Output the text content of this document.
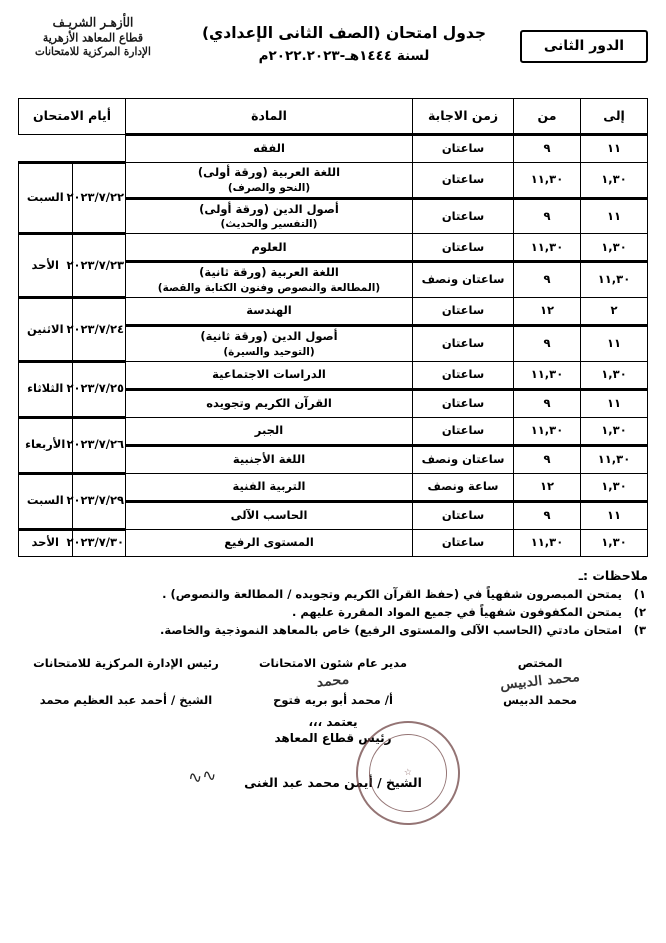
الأزهـر الشريـف
قطاع المعاهد الأزهرية
الإدارة المركزية للامتحانات
جدول امتحان (الصف الثانى الإعدادي)
لسنة ١٤٤٤هـ-٢٠٢٢.٢٠٢٣م
الدور الثانى
إلى	من	زمن الاجابة	المادة	أيام الامتحان	
١١	٩	ساعتان	الفقه		

١,٣٠	١١,٣٠	ساعتان	اللغة العربية (ورقة أولى)
(النحو والصرف)	٢٠٢٣/٧/٢٢	السبت
١١	٩	ساعتان	أصول الدين (ورقة أولى)
(التفسير والحديث)		

١,٣٠	١١,٣٠	ساعتان	العلوم	٢٠٢٣/٧/٢٣	الأحد
١١,٣٠	٩	ساعتان ونصف	اللغة العربية (ورقة ثانية)
(المطالعة والنصوص وفنون الكتابة والقصة)		

٢	١٢	ساعتان	الهندسة	٢٠٢٣/٧/٢٤	الاثنين
١١	٩	ساعتان	أصول الدين (ورقة ثانية)
(التوحيد والسيرة)		

١,٣٠	١١,٣٠	ساعتان	الدراسات الاجتماعية	٢٠٢٣/٧/٢٥	الثلاثاء
١١	٩	ساعتان	القرآن الكريم وتجويده		

١,٣٠	١١,٣٠	ساعتان	الجبر	٢٠٢٣/٧/٢٦	الأربعاء
١١,٣٠	٩	ساعتان ونصف	اللغة الأجنبية		

١,٣٠	١٢	ساعة ونصف	التربية الفنية	٢٠٢٣/٧/٢٩	السبت
١١	٩	ساعتان	الحاسب الآلى		

١,٣٠	١١,٣٠	ساعتان	المستوى الرفيع	٢٠٢٣/٧/٣٠	الأحد
ملاحظات :ـ
١)
يمتحن المبصرون شفهياً في (حفظ القرآن الكريم وتجويده / المطالعة والنصوص) .
٢)
يمتحن المكفوفون شفهياً في جميع المواد المقررة عليهم .
٣)
امتحان مادتي (الحاسب الآلى والمستوى الرفيع) خاص بالمعاهد النموذجية والخاصة.
رئيس الإدارة المركزية للامتحانات
الشيخ / أحمد عبد العظيم محمد
مدير عام شئون الامتحانات
محمد
أ/ محمد أبو بريه فتوح
المختص
محمد الدبيس
محمد الدبيس
يعتمد ،،،
رئيس قطاع المعاهد
☆
∿∿	الشيخ / أيمن محمد عبد الغنى
